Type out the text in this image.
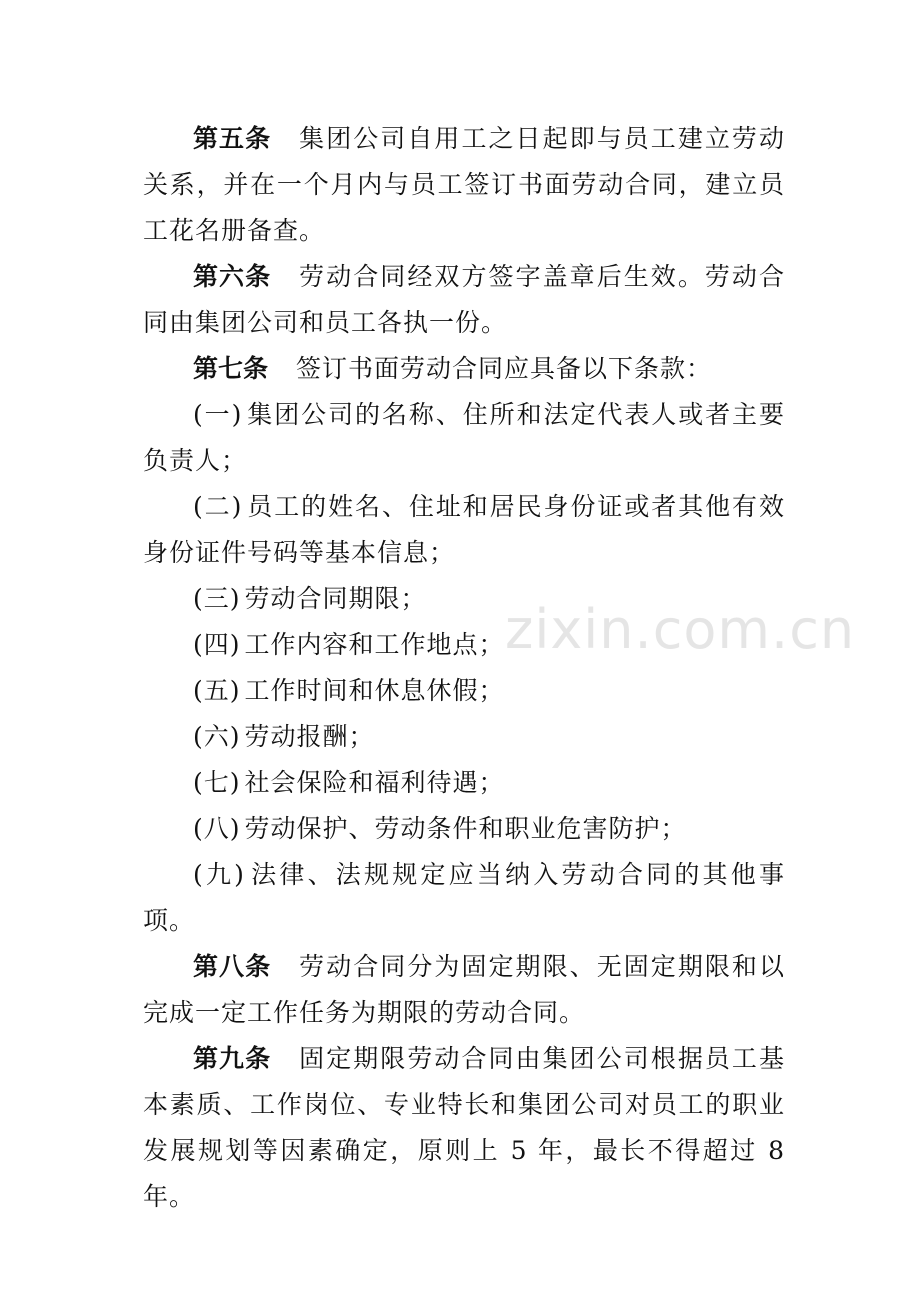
第五条 集团公司自用工之日起即与员工建立劳动关系，并在一个月内与员工签订书面劳动合同，建立员工花名册备查。

第六条 劳动合同经双方签字盖章后生效。劳动合同由集团公司和员工各执一份。

第七条 签订书面劳动合同应具备以下条款：

(一) 集团公司的名称、住所和法定代表人或者主要负责人；

(二) 员工的姓名、住址和居民身份证或者其他有效身份证件号码等基本信息；

(三) 劳动合同期限；

(四) 工作内容和工作地点；

(五) 工作时间和休息休假；

(六) 劳动报酬；

(七) 社会保险和福利待遇；

(八) 劳动保护、劳动条件和职业危害防护；

(九) 法律、法规规定应当纳入劳动合同的其他事项。

第八条 劳动合同分为固定期限、无固定期限和以完成一定工作任务为期限的劳动合同。

第九条 固定期限劳动合同由集团公司根据员工基本素质、工作岗位、专业特长和集团公司对员工的职业发展规划等因素确定，原则上 5 年，最长不得超过 8 年。

zixin.com.cn
